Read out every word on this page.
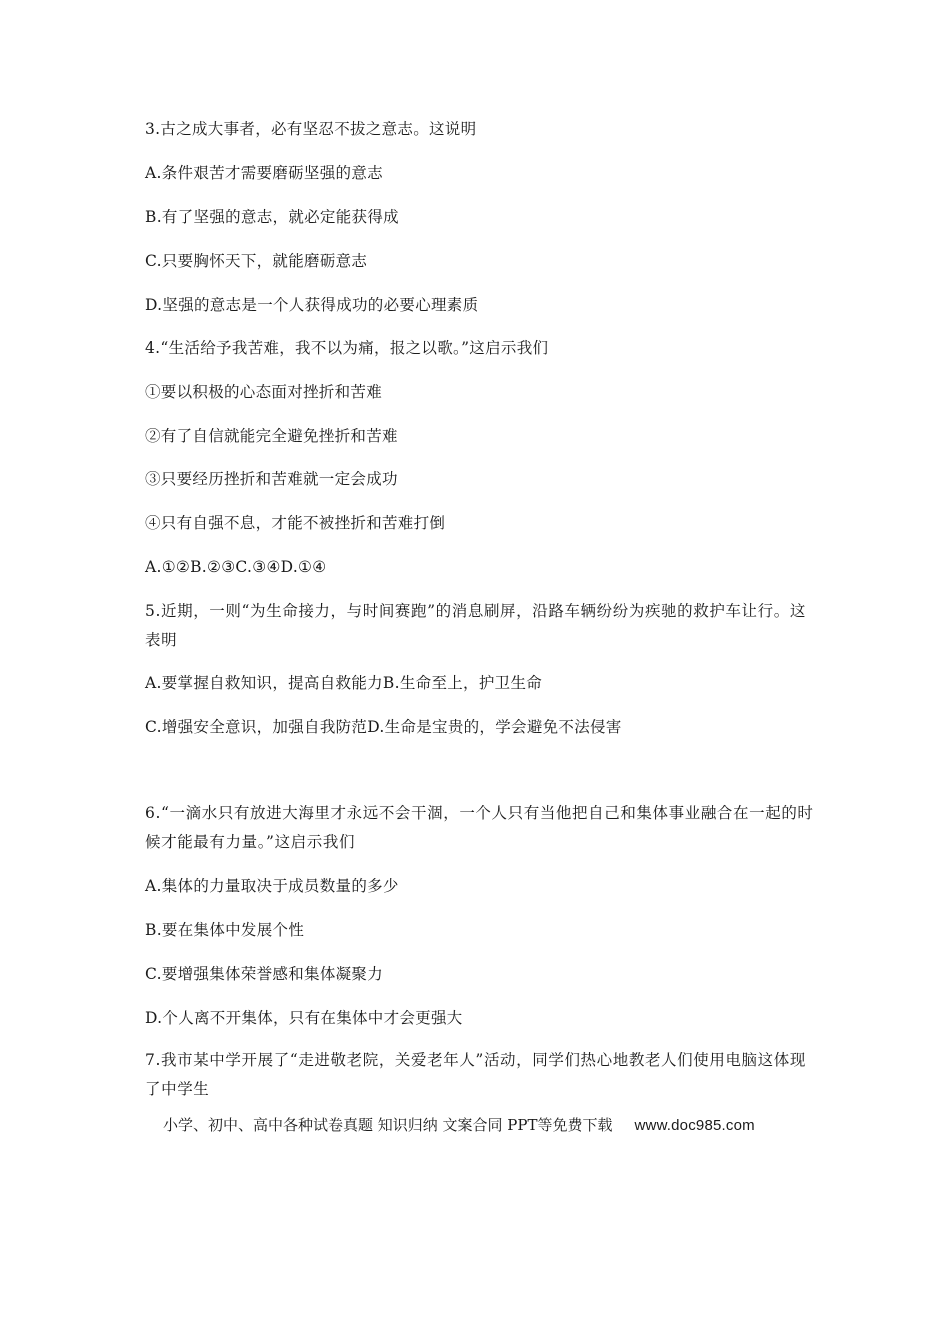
3.古之成大事者，必有坚忍不拔之意志。这说明
A.条件艰苦才需要磨砺坚强的意志
B.有了坚强的意志，就必定能获得成
C.只要胸怀天下，就能磨砺意志
D.坚强的意志是一个人获得成功的必要心理素质
4.“生活给予我苦难，我不以为痛，报之以歌。”这启示我们
①要以积极的心态面对挫折和苦难
②有了自信就能完全避免挫折和苦难
③只要经历挫折和苦难就一定会成功
④只有自强不息，才能不被挫折和苦难打倒
A.①②B.②③C.③④D.①④
5.近期，一则“为生命接力，与时间赛跑”的消息刷屏，沿路车辆纷纷为疾驰的救护车让行。这表明
A.要掌握自救知识，提高自救能力B.生命至上，护卫生命
C.增强安全意识，加强自我防范D.生命是宝贵的，学会避免不法侵害
6.“一滴水只有放进大海里才永远不会干涸，一个人只有当他把自己和集体事业融合在一起的时候才能最有力量。”这启示我们
A.集体的力量取决于成员数量的多少
B.要在集体中发展个性
C.要增强集体荣誉感和集体凝聚力
D.个人离不开集体，只有在集体中才会更强大
7.我市某中学开展了“走进敬老院，关爱老年人”活动，同学们热心地教老人们使用电脑这体现了中学生
小学、初中、高中各种试卷真题 知识归纳 文案合同 PPT等免费下载 www.doc985.com
